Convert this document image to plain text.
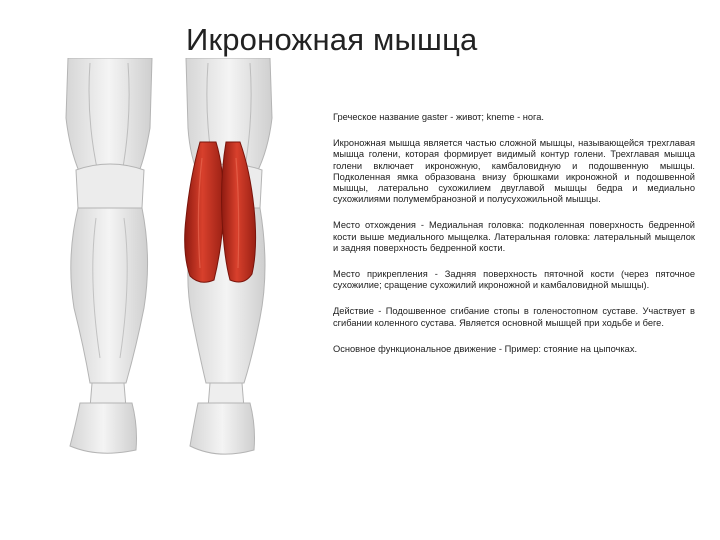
Икроножная мышца

Греческое название gaster - живот; kneme - нога.

Икроножная мышца является частью сложной мышцы, называющейся трехглавая мышца голени, которая формирует видимый контур голени. Трехглавая мышца голени включает икроножную, камбаловидную и подошвенную мышцы. Подколенная ямка образована внизу брюшками икроножной и подошвенной мышцы, латерально сухожилием двуглавой мышцы бедра и медиально сухожилиями полумембранозной и полусухожильной мышцы.

Место отхождения - Медиальная головка: подколенная поверхность бедренной кости выше медиального мыщелка. Латеральная головка: латеральный мыщелок и задняя поверхность бедренной кости.

Место прикрепления - Задняя поверхность пяточной кости (через пяточное сухожилие; сращение сухожилий икроножной и камбаловидной мышцы).

Действие - Подошвенное сгибание стопы в голеностопном суставе. Участвует в сгибании коленного сустава. Является основной мышцей при ходьбе и беге.

Основное функциональное движение - Пример: стояние на цыпочках.
